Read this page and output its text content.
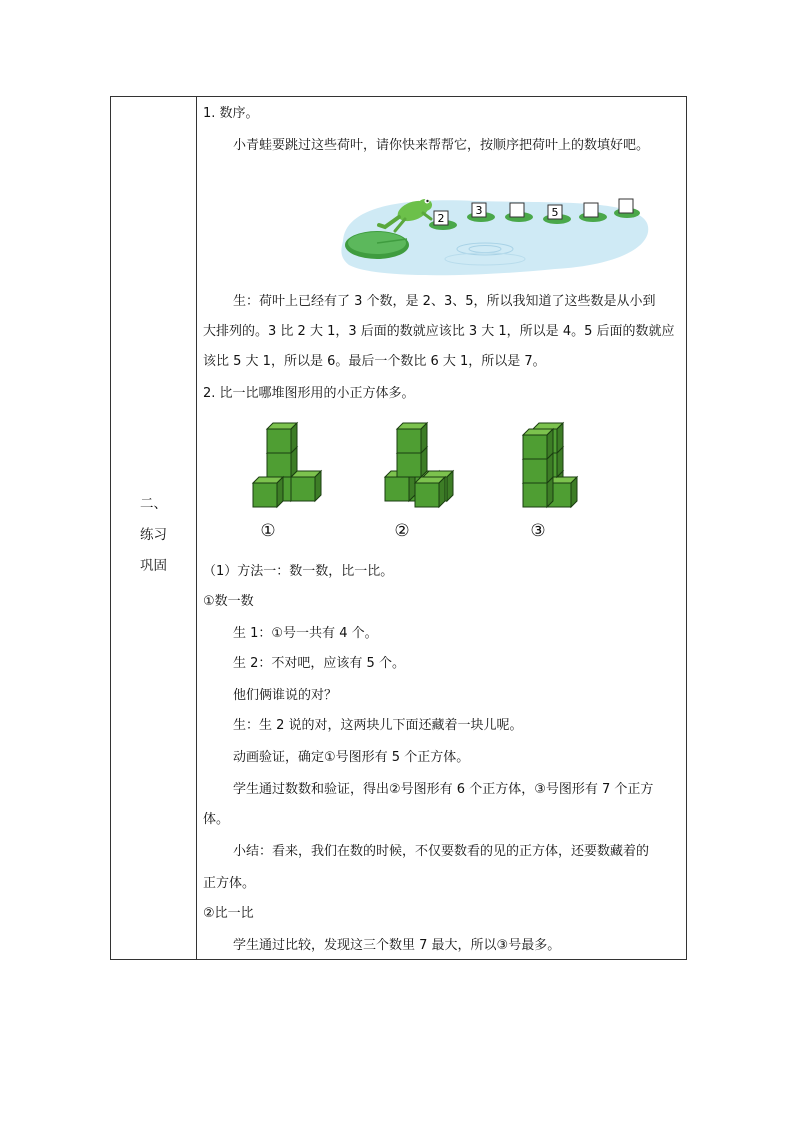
二、
练习
巩固
1. 数序。
小青蛙要跳过这些荷叶，请你快来帮帮它，按顺序把荷叶上的数填好吧。
2
3	5
生：荷叶上已经有了 3 个数，是 2、3、5，所以我知道了这些数是从小到
大排列的。3 比 2 大 1，3 后面的数就应该比 3 大 1，所以是 4。5 后面的数就应
该比 5 大 1，所以是 6。最后一个数比 6 大 1，所以是 7。
2. 比一比哪堆图形用的小正方体多。
①	②	③
（1）方法一：数一数，比一比。
①数一数
生 1：①号一共有 4 个。
生 2：不对吧，应该有 5 个。
他们俩谁说的对？
生：生 2 说的对，这两块儿下面还藏着一块儿呢。
动画验证，确定①号图形有 5 个正方体。
学生通过数数和验证，得出②号图形有 6 个正方体，③号图形有 7 个正方
体。
小结：看来，我们在数的时候，不仅要数看的见的正方体，还要数藏着的
正方体。
②比一比
学生通过比较，发现这三个数里 7 最大，所以③号最多。
